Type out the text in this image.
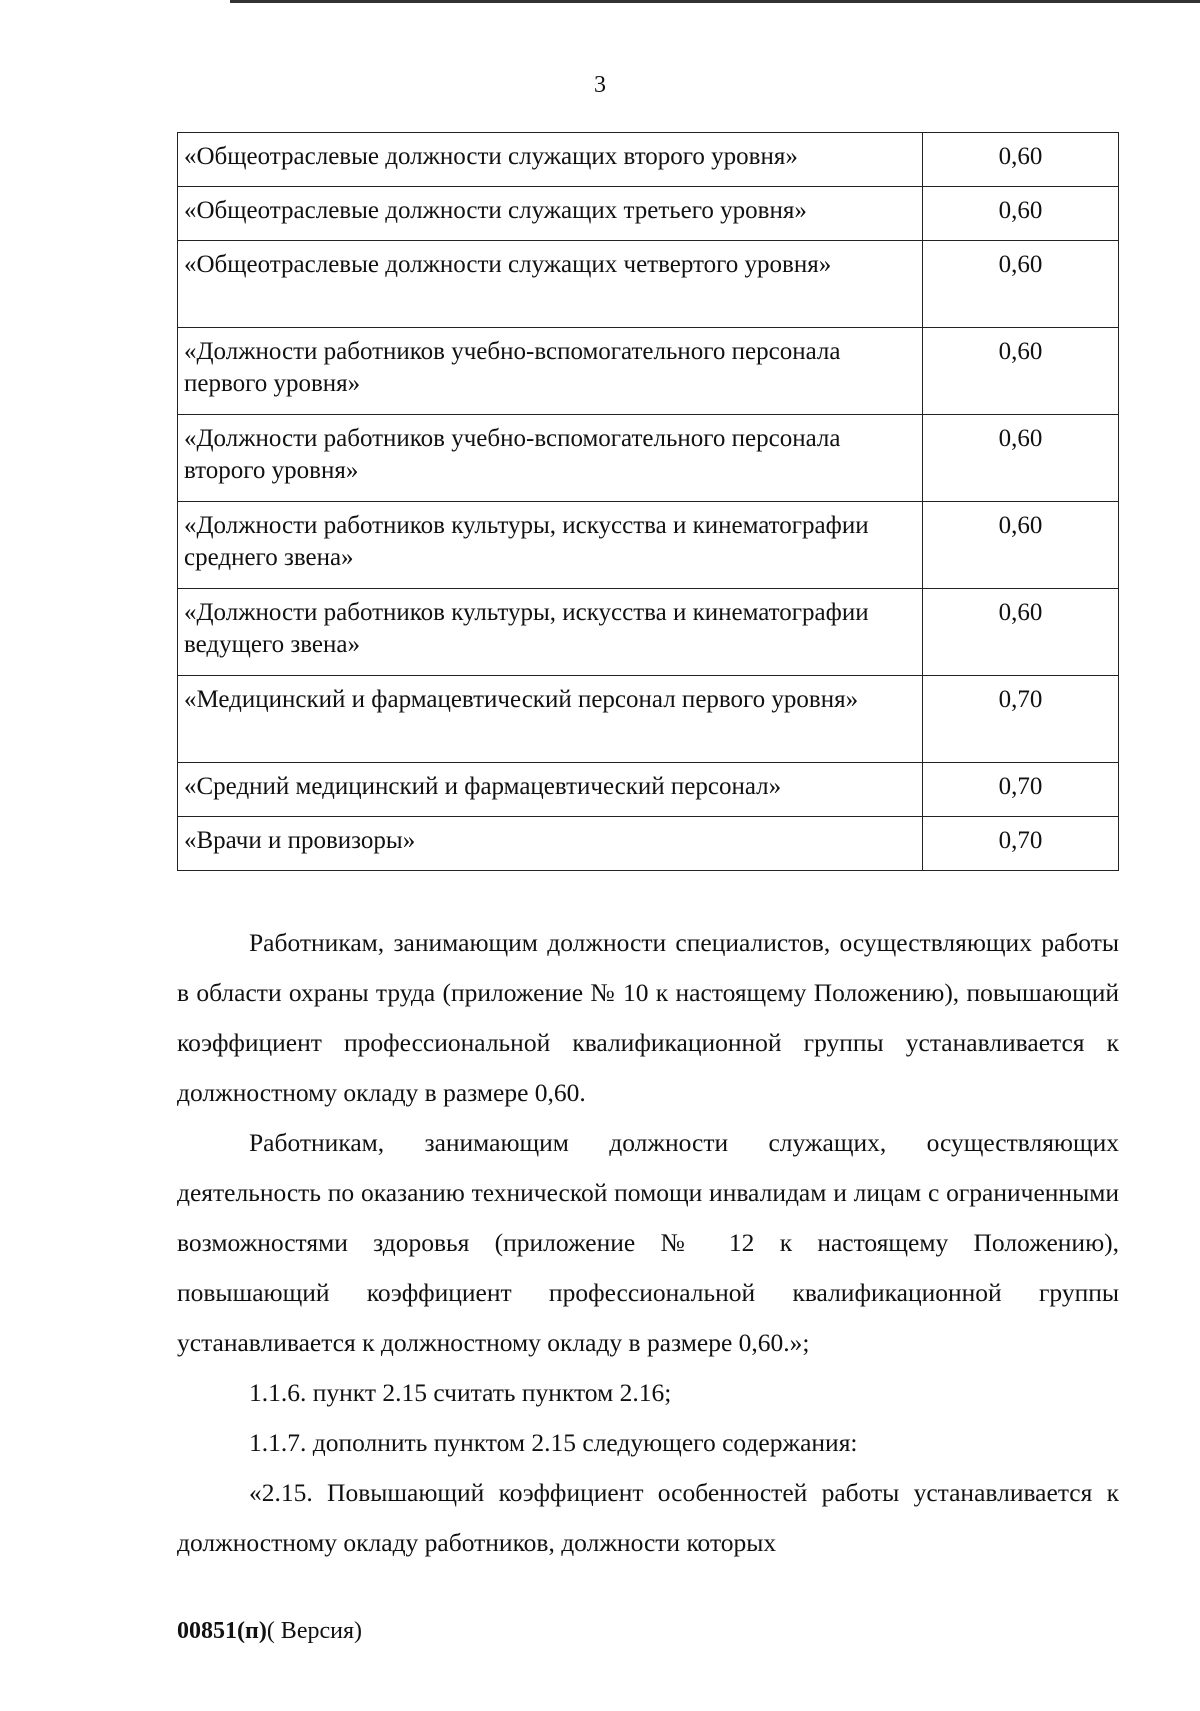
3
«Общеотраслевые должности служащих второго уровня»	0,60
«Общеотраслевые должности служащих третьего уровня»	0,60
«Общеотраслевые должности служащих четвертого уровня»	0,60
«Должности работников учебно-вспомогательного персонала первого уровня»	0,60
«Должности работников учебно-вспомогательного персонала второго уровня»	0,60
«Должности работников культуры, искусства и кинематографии среднего звена»	0,60
«Должности работников культуры, искусства и кинематографии ведущего звена»	0,60
«Медицинский и фармацевтический персонал первого уровня»	0,70
«Средний медицинский и фармацевтический персонал»	0,70
«Врачи и провизоры»	0,70

Работникам, занимающим должности специалистов, осуществляющих работы в области охраны труда (приложение № 10 к настоящему Положению), повышающий коэффициент профессиональной квалификационной группы устанавливается к должностному окладу в размере 0,60.

Работникам, занимающим должности служащих, осуществляющих деятельность по оказанию технической помощи инвалидам и лицам с ограниченными возможностями здоровья (приложение № 12 к настоящему Положению), повышающий коэффициент профессиональной квалификационной группы устанавливается к должностному окладу в размере 0,60.»;

1.1.6. пункт 2.15 считать пунктом 2.16;

1.1.7. дополнить пунктом 2.15 следующего содержания:

«2.15. Повышающий коэффициент особенностей работы устанавливается к должностному окладу работников, должности которых

00851(п)( Версия)
